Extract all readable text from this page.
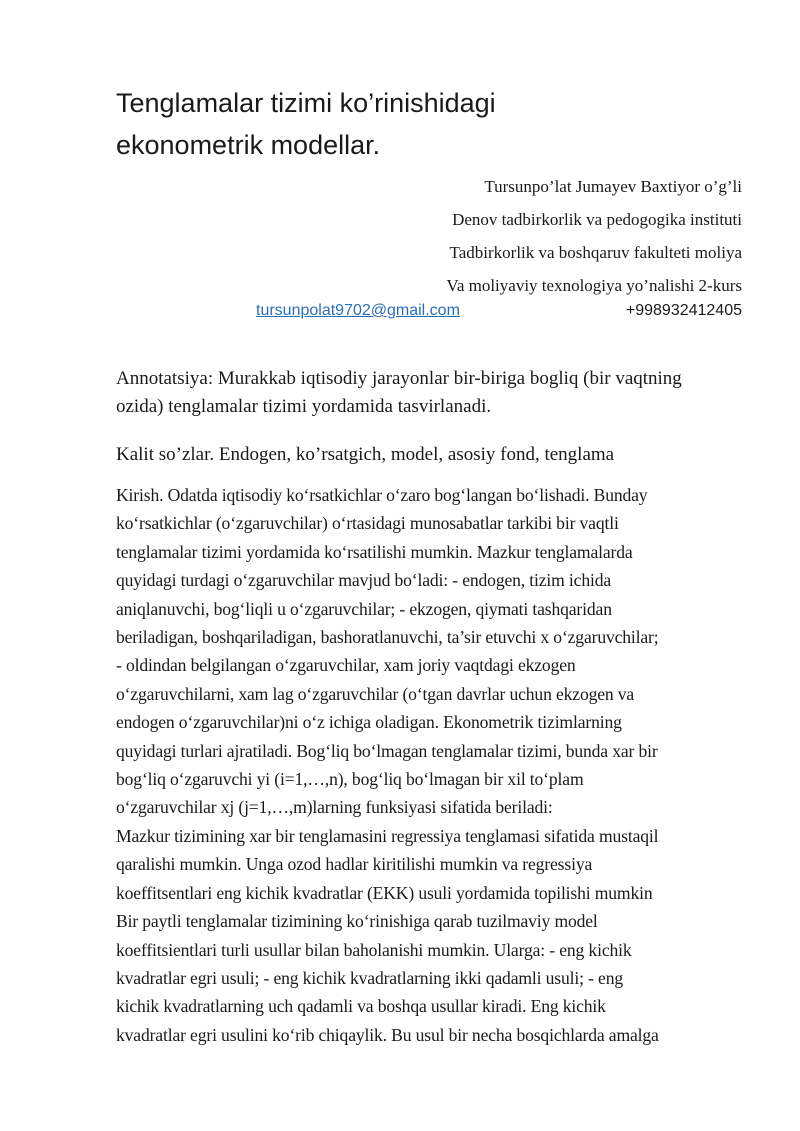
Tenglamalar tizimi ko’rinishidagi
ekonometrik modellar.
Tursunpo’lat Jumayev Baxtiyor o’g’li
Denov tadbirkorlik va pedogogika instituti
Tadbirkorlik va boshqaruv fakulteti moliya
Va moliyaviy texnologiya yo’nalishi 2-kurs
tursunpolat9702@gmail.com	+998932412405

Annotatsiya: Murakkab iqtisodiy jarayonlar bir-biriga bogliq (bir vaqtning
ozida) tenglamalar tizimi yordamida tasvirlanadi.

Kalit so’zlar. Endogen, ko’rsatgich, model, asosiy fond, tenglama

Kirish. Odatda iqtisodiy koʻrsatkichlar oʻzaro bogʻlangan boʻlishadi. Bunday
koʻrsatkichlar (oʻzgaruvchilar) oʻrtasidagi munosabatlar tarkibi bir vaqtli
tenglamalar tizimi yordamida koʻrsatilishi mumkin. Mazkur tenglamalarda
quyidagi turdagi oʻzgaruvchilar mavjud boʻladi: - endogen, tizim ichida
aniqlanuvchi, bogʻliqli u oʻzgaruvchilar; - ekzogen, qiymati tashqaridan
beriladigan, boshqariladigan, bashoratlanuvchi, ta’sir etuvchi x oʻzgaruvchilar;
- oldindan belgilangan oʻzgaruvchilar, xam joriy vaqtdagi ekzogen
oʻzgaruvchilarni, xam lag oʻzgaruvchilar (oʻtgan davrlar uchun ekzogen va
endogen oʻzgaruvchilar)ni oʻz ichiga oladigan. Ekonometrik tizimlarning
quyidagi turlari ajratiladi. Bogʻliq boʻlmagan tenglamalar tizimi, bunda xar bir
bogʻliq oʻzgaruvchi yi (i=1,…,n), bogʻliq boʻlmagan bir xil toʻplam
oʻzgaruvchilar xj (j=1,…,m)larning funksiyasi sifatida beriladi:
Mazkur tizimining xar bir tenglamasini regressiya tenglamasi sifatida mustaqil
qaralishi mumkin. Unga ozod hadlar kiritilishi mumkin va regressiya
koeffitsentlari eng kichik kvadratlar (EKK) usuli yordamida topilishi mumkin
Bir paytli tenglamalar tizimining koʻrinishiga qarab tuzilmaviy model
koeffitsientlari turli usullar bilan baholanishi mumkin. Ularga: - eng kichik
kvadratlar egri usuli; - eng kichik kvadratlarning ikki qadamli usuli; - eng
kichik kvadratlarning uch qadamli va boshqa usullar kiradi. Eng kichik
kvadratlar egri usulini koʻrib chiqaylik. Bu usul bir necha bosqichlarda amalga
